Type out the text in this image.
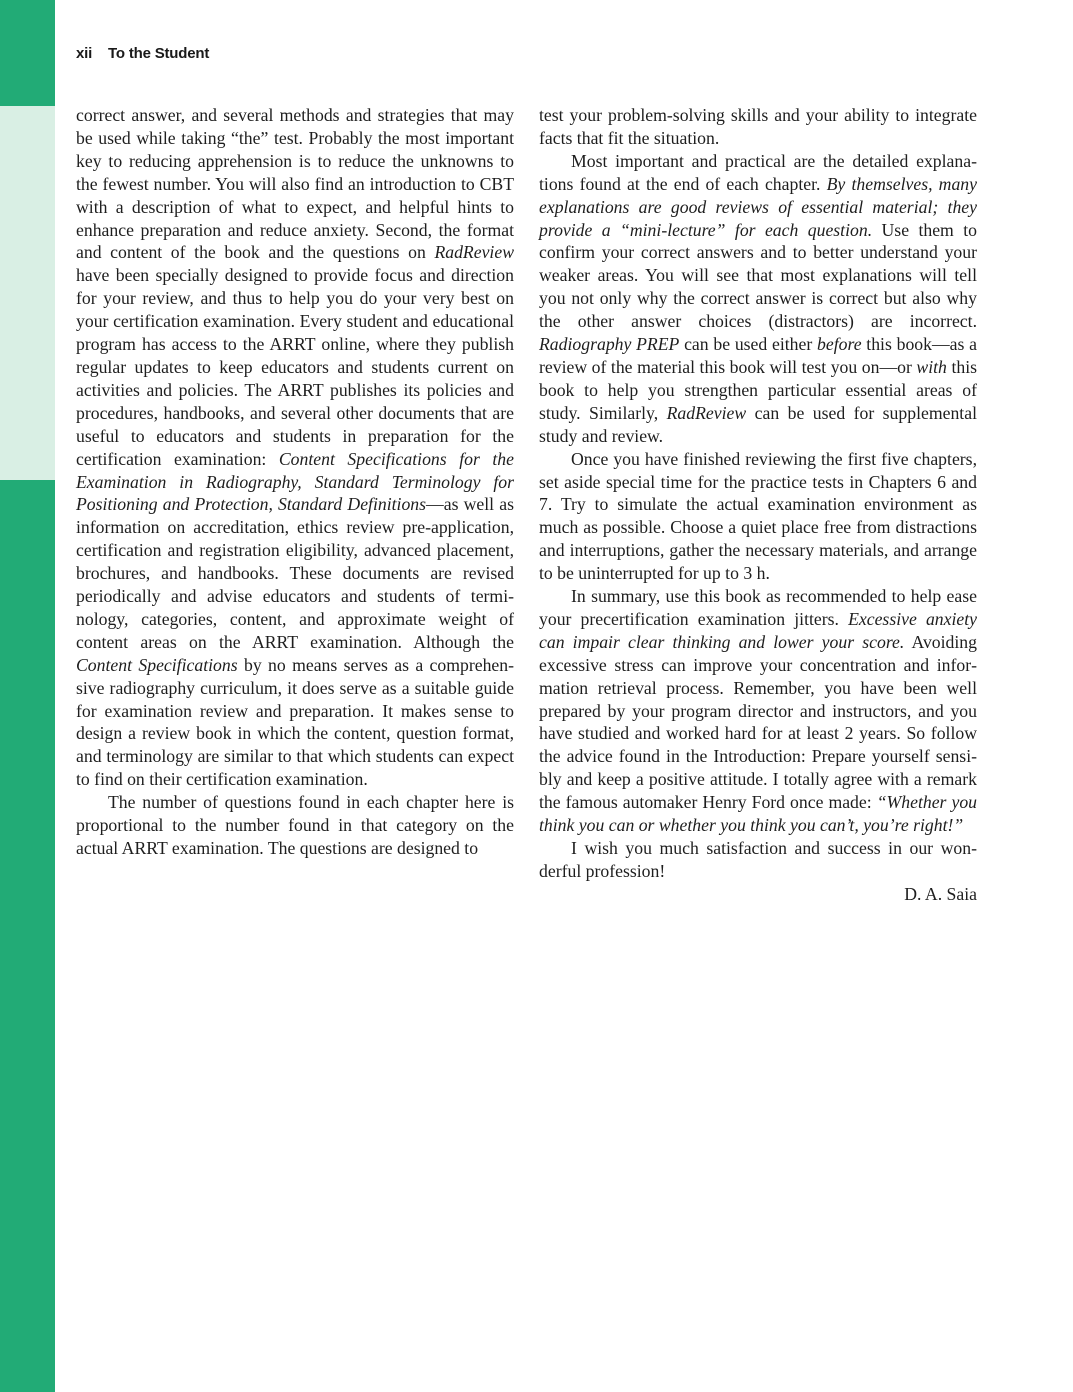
xii To the Student

correct answer, and several methods and strategies that may be used while taking “the” test. Probably the most important key to reducing apprehension is to reduce the unknowns to the fewest number. You will also find an introduction to CBT with a description of what to expect, and helpful hints to enhance preparation and reduce anxiety. Second, the format and content of the book and the questions on RadReview have been specially designed to provide focus and direction for your review, and thus to help you do your very best on your certification examination. Every student and educational program has access to the ARRT online, where they publish regular updates to keep educators and students current on activities and policies. The ARRT publishes its policies and procedures, handbooks, and several other documents that are useful to educators and students in preparation for the certification examination: Content Specifications for the Examination in Radiography, Standard Terminology for Positioning and Protection, Standard Definitions—as well as information on accreditation, ethics review pre-application, certification and registration eligibility, advanced placement, brochures, and handbooks. These documents are revised periodically and advise educators and students of terminology, categories, content, and approximate weight of content areas on the ARRT examination. Although the Content Specifications by no means serves as a comprehensive radiography curriculum, it does serve as a suitable guide for examination review and preparation. It makes sense to design a review book in which the content, question format, and terminology are similar to that which students can expect to find on their certification examination.

The number of questions found in each chapter here is proportional to the number found in that category on the actual ARRT examination. The questions are designed to

test your problem-solving skills and your ability to integrate facts that fit the situation.

Most important and practical are the detailed explanations found at the end of each chapter. By themselves, many explanations are good reviews of essential material; they provide a “mini-lecture” for each question. Use them to confirm your correct answers and to better understand your weaker areas. You will see that most explanations will tell you not only why the correct answer is correct but also why the other answer choices (distractors) are incorrect. Radiography PREP can be used either before this book—as a review of the material this book will test you on—or with this book to help you strengthen particular essential areas of study. Similarly, RadReview can be used for supplemental study and review.

Once you have finished reviewing the first five chapters, set aside special time for the practice tests in Chapters 6 and 7. Try to simulate the actual examination environment as much as possible. Choose a quiet place free from distractions and interruptions, gather the necessary materials, and arrange to be uninterrupted for up to 3 h.

In summary, use this book as recommended to help ease your precertification examination jitters. Excessive anxiety can impair clear thinking and lower your score. Avoiding excessive stress can improve your concentration and information retrieval process. Remember, you have been well prepared by your program director and instructors, and you have studied and worked hard for at least 2 years. So follow the advice found in the Introduction: Prepare yourself sensibly and keep a positive attitude. I totally agree with a remark the famous automaker Henry Ford once made: “Whether you think you can or whether you think you can’t, you’re right!”

I wish you much satisfaction and success in our wonderful profession!

D. A. Saia
